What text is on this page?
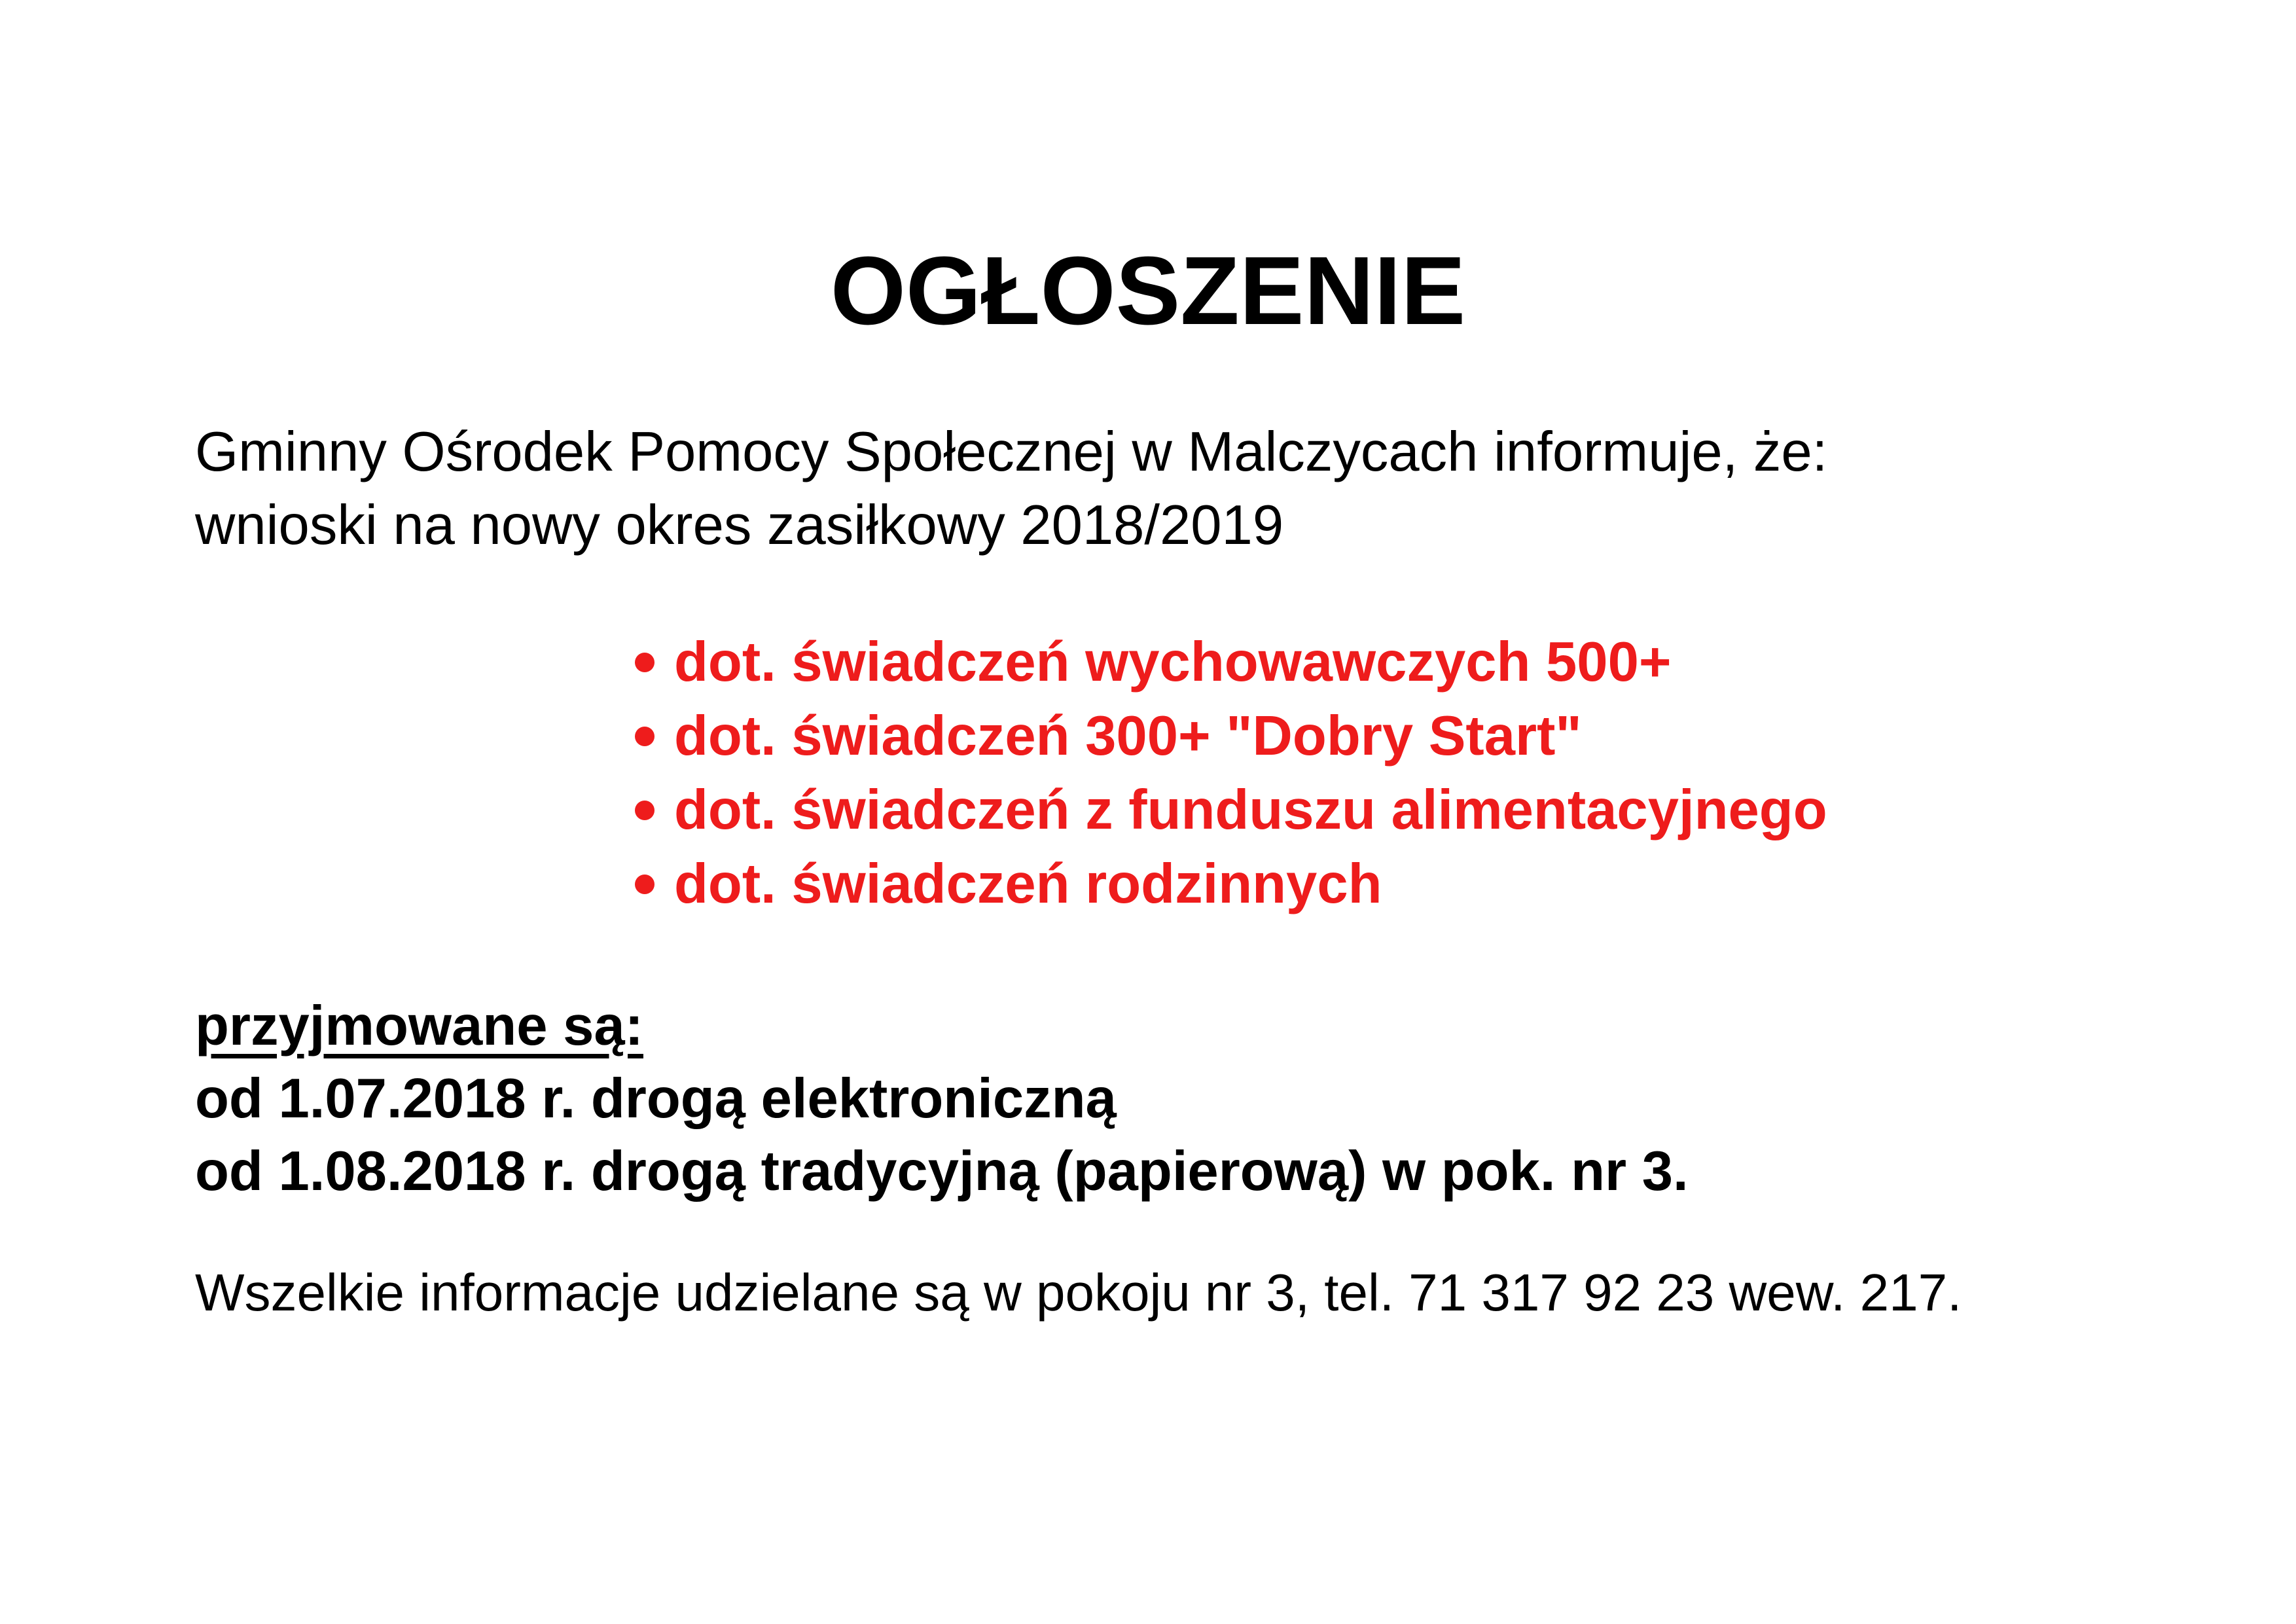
OGŁOSZENIE

Gminny Ośrodek Pomocy Społecznej w Malczycach informuje, że:

wnioski na nowy okres zasiłkowy 2018/2019

dot. świadczeń wychowawczych 500+
dot. świadczeń 300+ "Dobry Start"
dot. świadczeń z funduszu alimentacyjnego
dot. świadczeń rodzinnych

przyjmowane są:

od 1.07.2018 r. drogą elektroniczną

od 1.08.2018 r. drogą tradycyjną (papierową) w pok. nr 3.

Wszelkie informacje udzielane są w pokoju nr 3, tel. 71 317 92 23 wew. 217.
